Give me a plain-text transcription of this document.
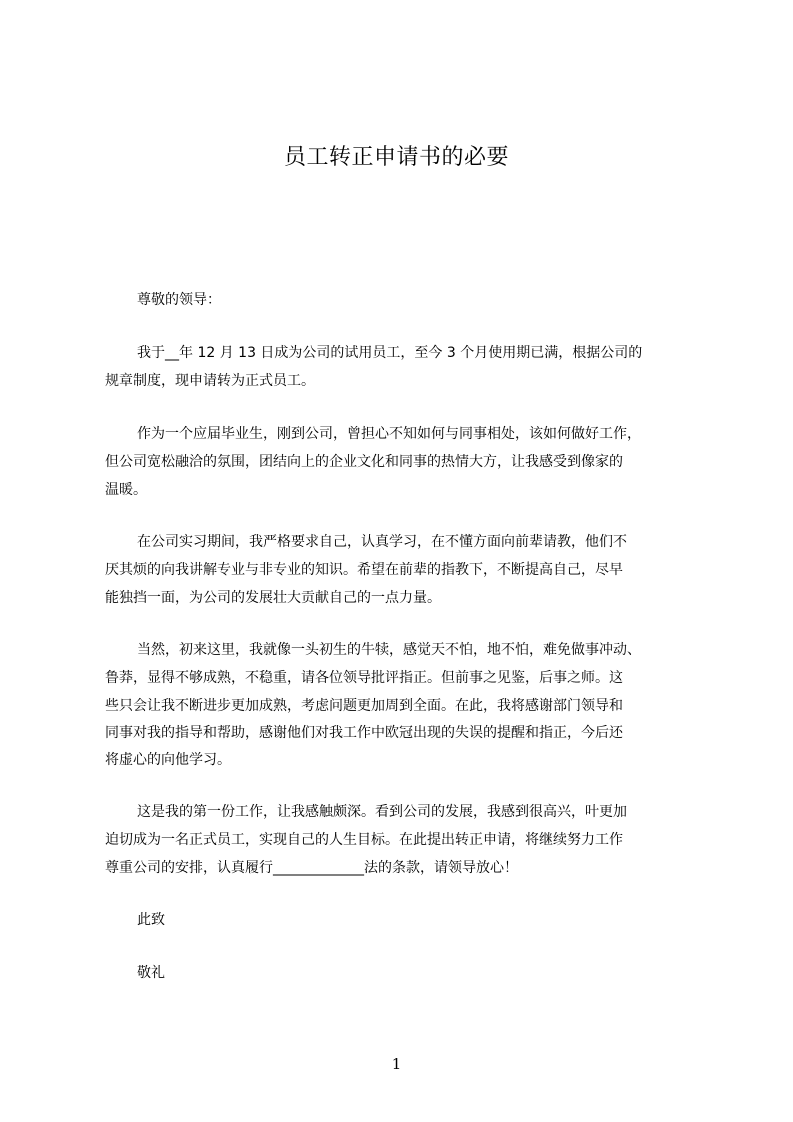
员工转正申请书的必要
尊敬的领导：
我于__年 12 月 13 日成为公司的试用员工，至今 3 个月使用期已满，根据公司的
规章制度，现申请转为正式员工。
作为一个应届毕业生，刚到公司，曾担心不知如何与同事相处，该如何做好工作，
但公司宽松融洽的氛围，团结向上的企业文化和同事的热情大方，让我感受到像家的
温暖。
在公司实习期间，我严格要求自己，认真学习，在不懂方面向前辈请教，他们不
厌其烦的向我讲解专业与非专业的知识。希望在前辈的指教下，不断提高自己，尽早
能独挡一面，为公司的发展壮大贡献自己的一点力量。
当然，初来这里，我就像一头初生的牛犊，感觉天不怕，地不怕，难免做事冲动、
鲁莽，显得不够成熟，不稳重，请各位领导批评指正。但前事之见鉴，后事之师。这
些只会让我不断进步更加成熟，考虑问题更加周到全面。在此，我将感谢部门领导和
同事对我的指导和帮助，感谢他们对我工作中欧冠出现的失误的提醒和指正，今后还
将虚心的向他学习。
这是我的第一份工作，让我感触颇深。看到公司的发展，我感到很高兴，叶更加
迫切成为一名正式员工，实现自己的人生目标。在此提出转正申请，将继续努力工作
尊重公司的安排，认真履行_____________法的条款，请领导放心！
此致
敬礼
1
